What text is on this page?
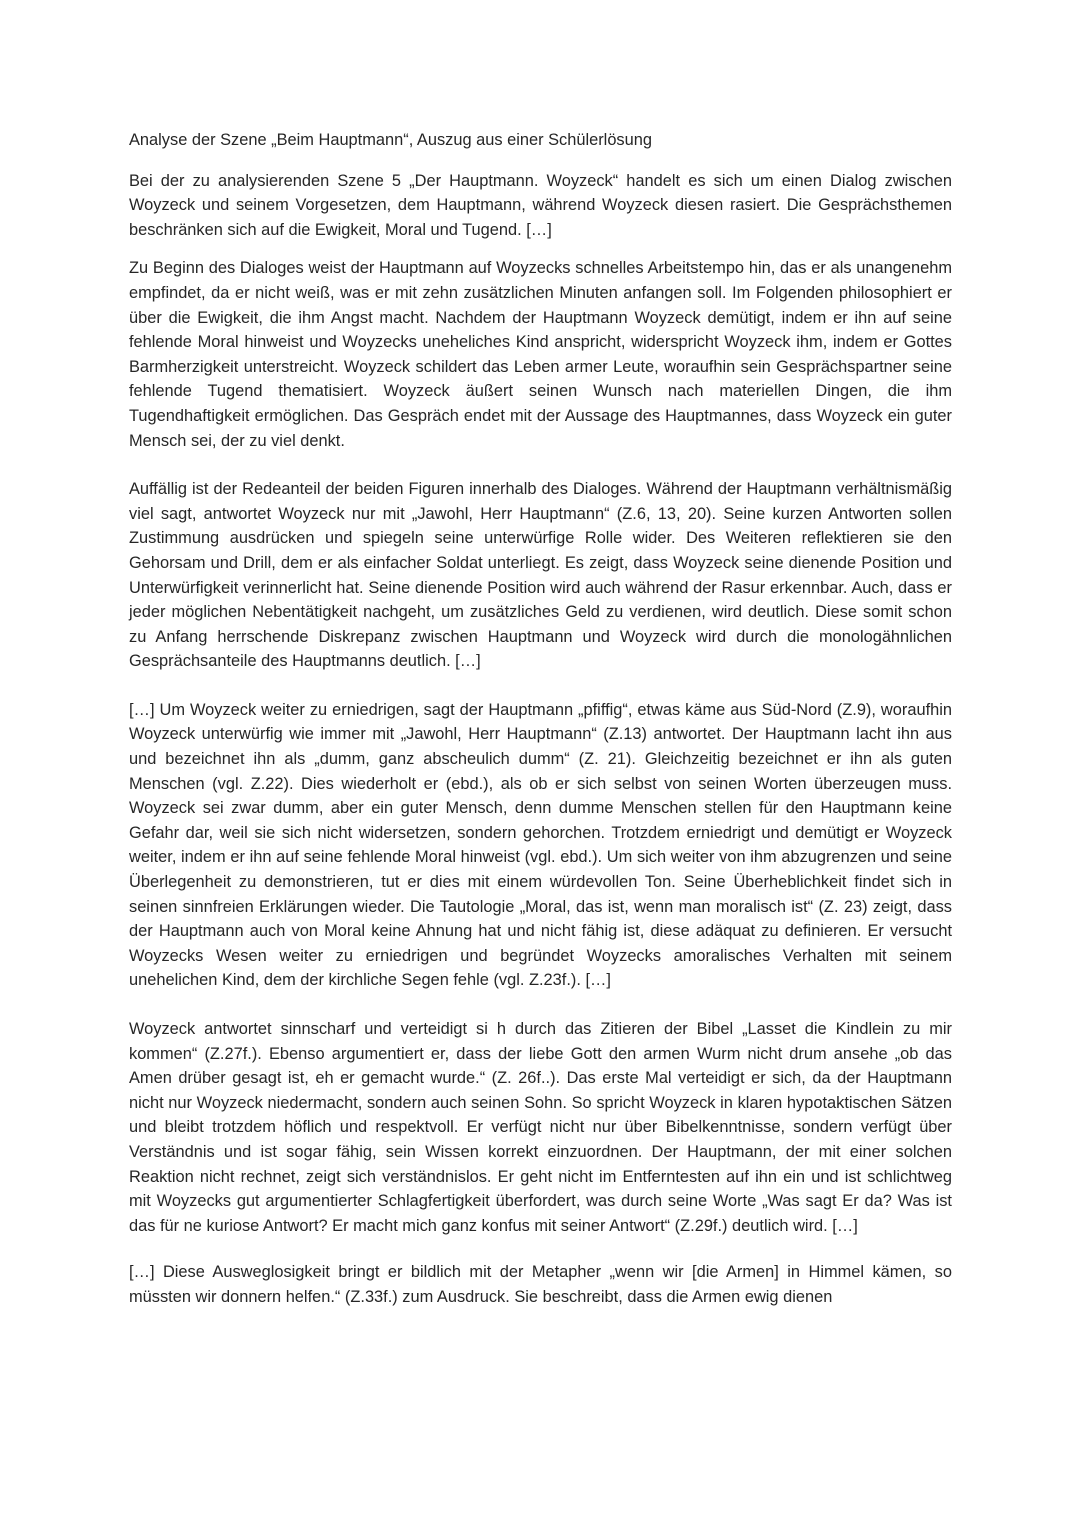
Analyse der Szene „Beim Hauptmann“, Auszug aus einer Schülerlösung

Bei der zu analysierenden Szene 5 „Der Hauptmann. Woyzeck“ handelt es sich um einen Dialog zwischen Woyzeck und seinem Vorgesetzen, dem Hauptmann, während Woyzeck diesen rasiert. Die Gesprächsthemen beschränken sich auf die Ewigkeit, Moral und Tugend. […]

Zu Beginn des Dialoges weist der Hauptmann auf Woyzecks schnelles Arbeitstempo hin, das er als unangenehm empfindet, da er nicht weiß, was er mit zehn zusätzlichen Minuten anfangen soll. Im Folgenden philosophiert er über die Ewigkeit, die ihm Angst macht. Nachdem der Hauptmann Woyzeck demütigt, indem er ihn auf seine fehlende Moral hinweist und Woyzecks uneheliches Kind anspricht, widerspricht Woyzeck ihm, indem er Gottes Barmherzigkeit unterstreicht. Woyzeck schildert das Leben armer Leute, woraufhin sein Gesprächspartner seine fehlende Tugend thematisiert. Woyzeck äußert seinen Wunsch nach materiellen Dingen, die ihm Tugendhaftigkeit ermöglichen. Das Gespräch endet mit der Aussage des Hauptmannes, dass Woyzeck ein guter Mensch sei, der zu viel denkt.

Auffällig ist der Redeanteil der beiden Figuren innerhalb des Dialoges. Während der Hauptmann verhältnismäßig viel sagt, antwortet Woyzeck nur mit „Jawohl, Herr Hauptmann“ (Z.6, 13, 20). Seine kurzen Antworten sollen Zustimmung ausdrücken und spiegeln seine unterwürfige Rolle wider. Des Weiteren reflektieren sie den Gehorsam und Drill, dem er als einfacher Soldat unterliegt. Es zeigt, dass Woyzeck seine dienende Position und Unterwürfigkeit verinnerlicht hat. Seine dienende Position wird auch während der Rasur erkennbar. Auch, dass er jeder möglichen Nebentätigkeit nachgeht, um zusätzliches Geld zu verdienen, wird deutlich. Diese somit schon zu Anfang herrschende Diskrepanz zwischen Hauptmann und Woyzeck wird durch die monologähnlichen Gesprächsanteile des Hauptmanns deutlich. […]

[…] Um Woyzeck weiter zu erniedrigen, sagt der Hauptmann „pfiffig“, etwas käme aus Süd-Nord (Z.9), woraufhin Woyzeck unterwürfig wie immer mit „Jawohl, Herr Hauptmann“ (Z.13) antwortet. Der Hauptmann lacht ihn aus und bezeichnet ihn als „dumm, ganz abscheulich dumm“ (Z. 21). Gleichzeitig bezeichnet er ihn als guten Menschen (vgl. Z.22). Dies wiederholt er (ebd.), als ob er sich selbst von seinen Worten überzeugen muss. Woyzeck sei zwar dumm, aber ein guter Mensch, denn dumme Menschen stellen für den Hauptmann keine Gefahr dar, weil sie sich nicht widersetzen, sondern gehorchen. Trotzdem erniedrigt und demütigt er Woyzeck weiter, indem er ihn auf seine fehlende Moral hinweist (vgl. ebd.). Um sich weiter von ihm abzugrenzen und seine Überlegenheit zu demonstrieren, tut er dies mit einem würdevollen Ton. Seine Überheblichkeit findet sich in seinen sinnfreien Erklärungen wieder. Die Tautologie „Moral, das ist, wenn man moralisch ist“ (Z. 23) zeigt, dass der Hauptmann auch von Moral keine Ahnung hat und nicht fähig ist, diese adäquat zu definieren. Er versucht Woyzecks Wesen weiter zu erniedrigen und begründet Woyzecks amoralisches Verhalten mit seinem unehelichen Kind, dem der kirchliche Segen fehle (vgl. Z.23f.). […]

Woyzeck antwortet sinnscharf und verteidigt si h durch das Zitieren der Bibel „Lasset die Kindlein zu mir kommen“ (Z.27f.). Ebenso argumentiert er, dass der liebe Gott den armen Wurm nicht drum ansehe „ob das Amen drüber gesagt ist, eh er gemacht wurde.“ (Z. 26f..). Das erste Mal verteidigt er sich, da der Hauptmann nicht nur Woyzeck niedermacht, sondern auch seinen Sohn. So spricht Woyzeck in klaren hypotaktischen Sätzen und bleibt trotzdem höflich und respektvoll. Er verfügt nicht nur über Bibelkenntnisse, sondern verfügt über Verständnis und ist sogar fähig, sein Wissen korrekt einzuordnen. Der Hauptmann, der mit einer solchen Reaktion nicht rechnet, zeigt sich verständnislos. Er geht nicht im Entferntesten auf ihn ein und ist schlichtweg mit Woyzecks gut argumentierter Schlagfertigkeit überfordert, was durch seine Worte „Was sagt Er da? Was ist das für ne kuriose Antwort? Er macht mich ganz konfus mit seiner Antwort“ (Z.29f.) deutlich wird. […]

[…] Diese Ausweglosigkeit bringt er bildlich mit der Metapher „wenn wir [die Armen] in Himmel kämen, so müssten wir donnern helfen.“ (Z.33f.) zum Ausdruck. Sie beschreibt, dass die Armen ewig dienen
